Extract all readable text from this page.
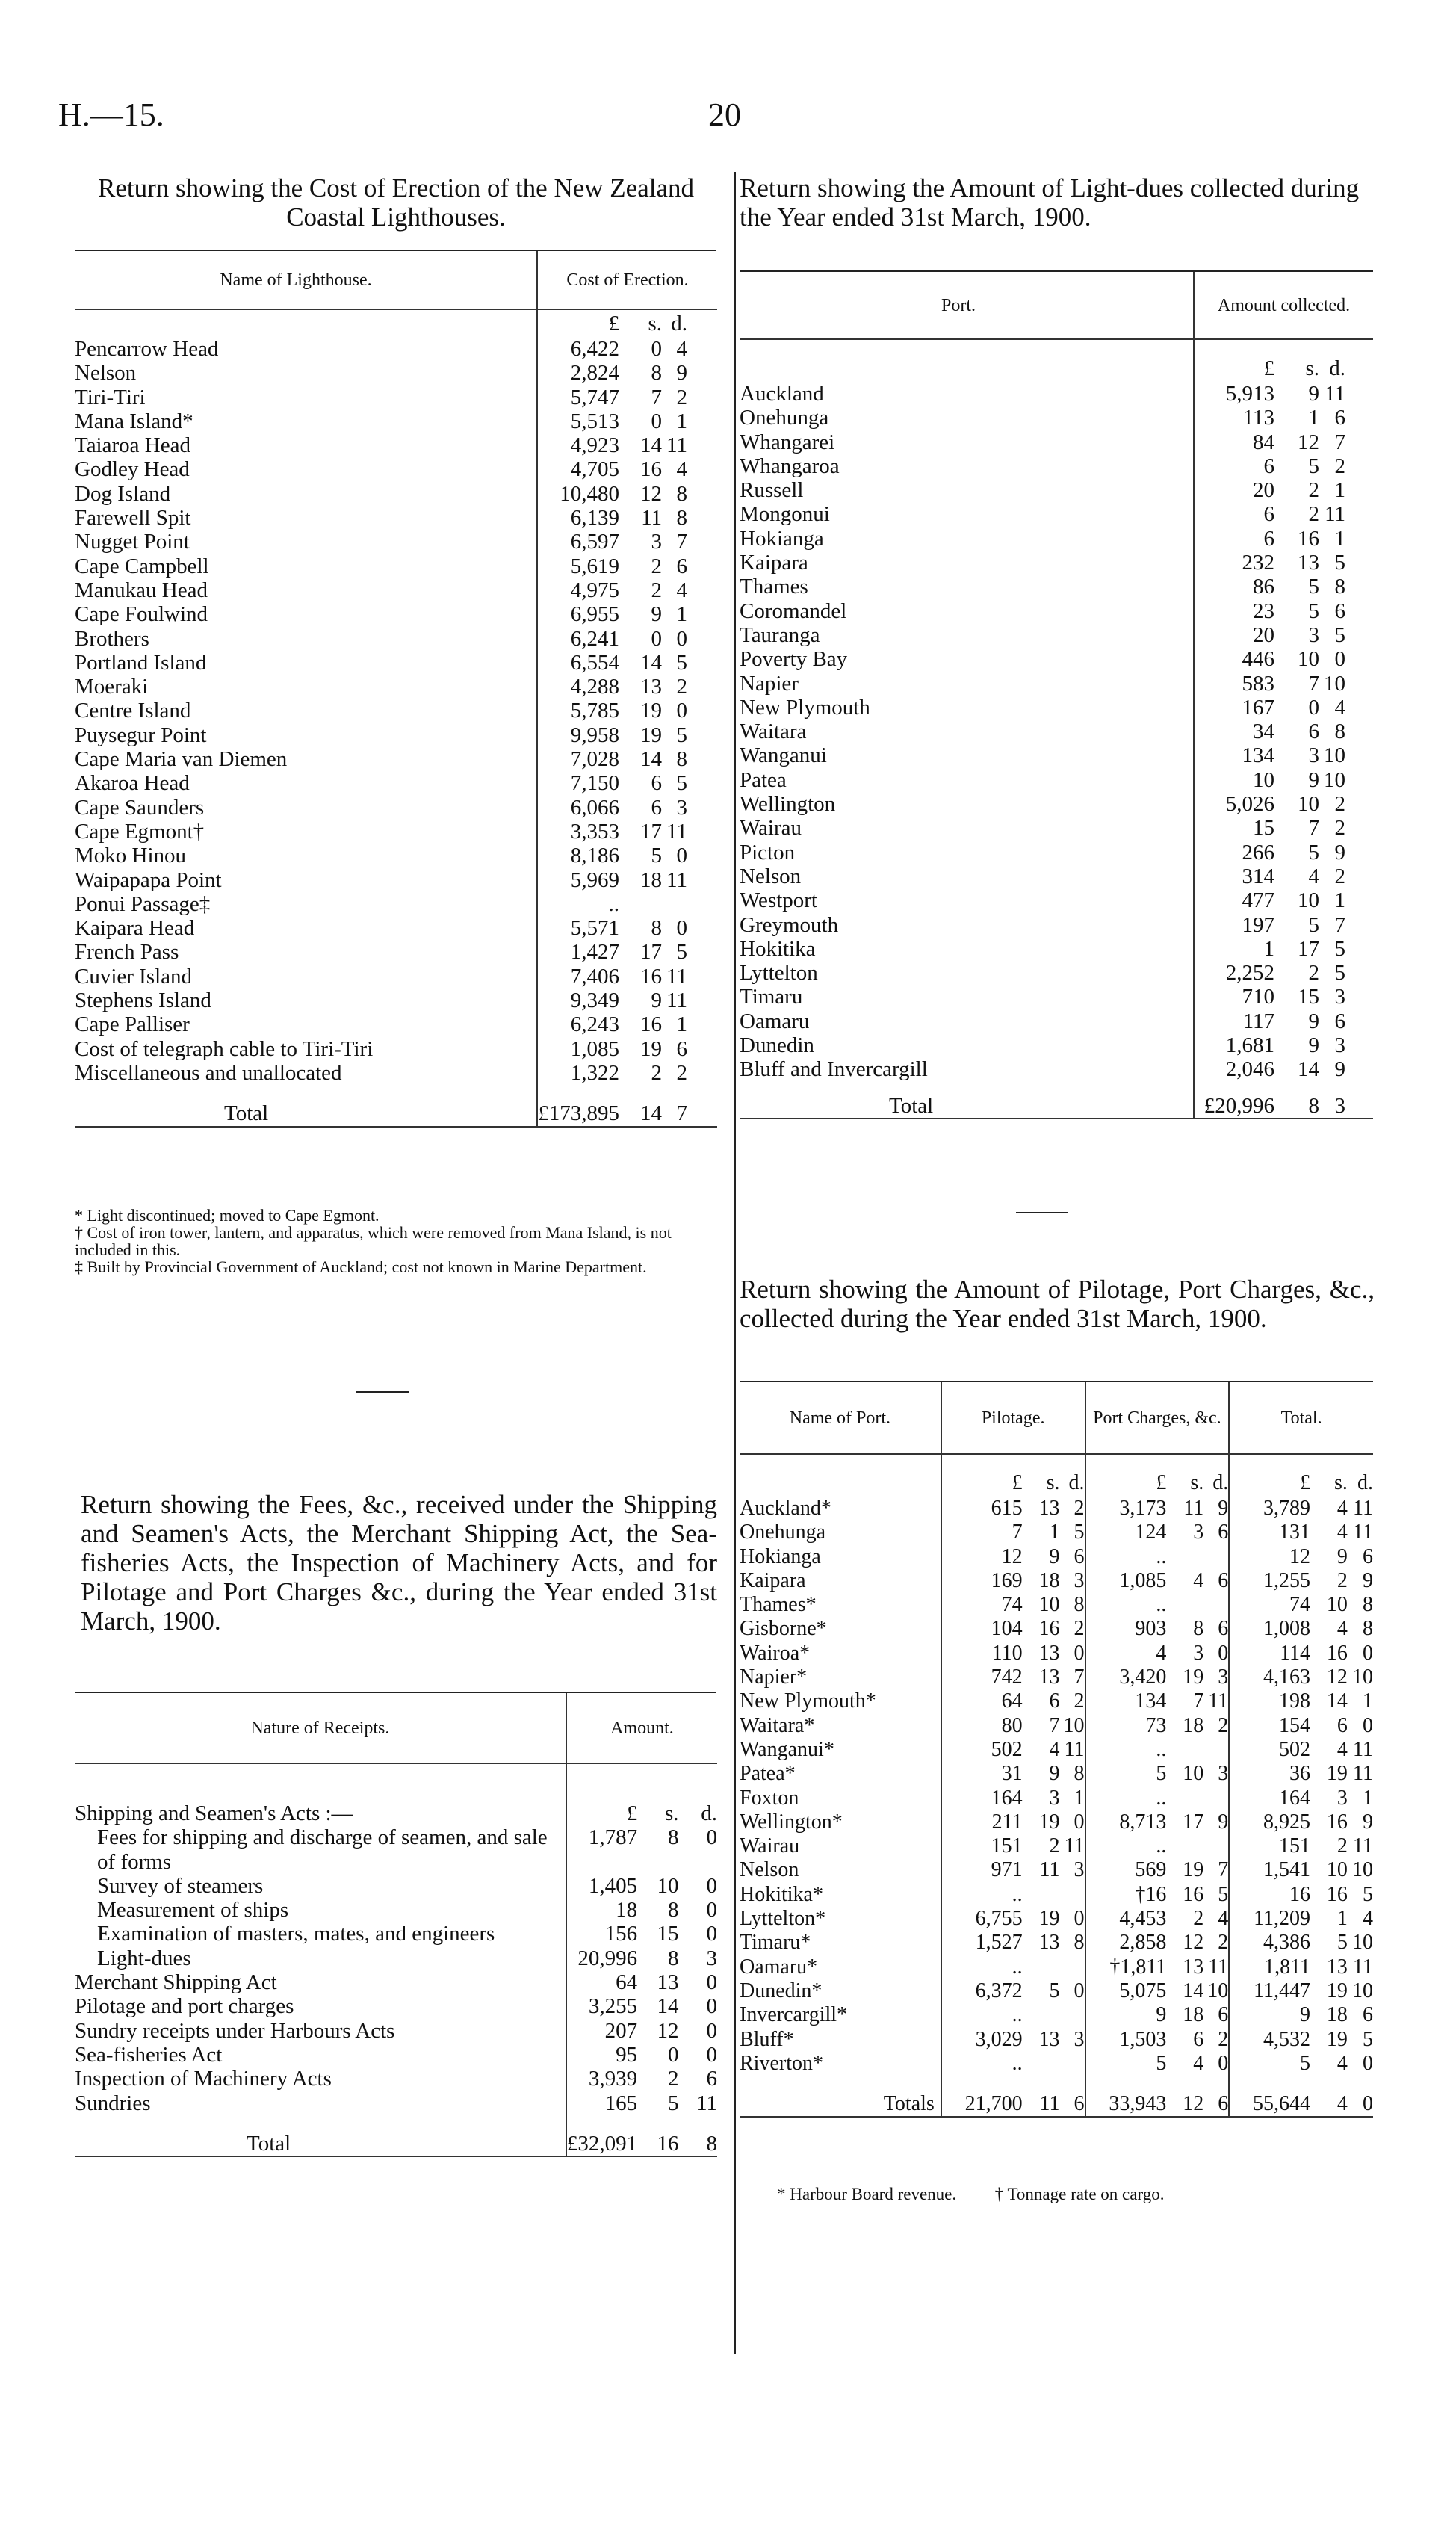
H.—15.	20
Return showing the Cost of Erection of the New Zealand Coastal Lighthouses.
Name of Lighthouse.		Cost of Erection.			

		£	s.	d.	
Pencarrow Head		6,422	0	4	
Nelson		2,824	8	9	
Tiri-Tiri		5,747	7	2	
Mana Island*		5,513	0	1	
Taiaroa Head		4,923	14	11	
Godley Head		4,705	16	4	
Dog Island		10,480	12	8	
Farewell Spit		6,139	11	8	
Nugget Point		6,597	3	7	
Cape Campbell		5,619	2	6	
Manukau Head		4,975	2	4	
Cape Foulwind		6,955	9	1	
Brothers		6,241	0	0	
Portland Island		6,554	14	5	
Moeraki		4,288	13	2	
Centre Island		5,785	19	0	
Puysegur Point		9,958	19	5	
Cape Maria van Diemen		7,028	14	8	
Akaroa Head		7,150	6	5	
Cape Saunders		6,066	6	3	
Cape Egmont†		3,353	17	11	
Moko Hinou		8,186	5	0	
Waipapapa Point		5,969	18	11	
Ponui Passage‡		..			
Kaipara Head		5,571	8	0	
French Pass		1,427	17	5	
Cuvier Island		7,406	16	11	
Stephens Island		9,349	9	11	
Cape Palliser		6,243	16	1	
Cost of telegraph cable to Tiri-Tiri		1,085	19	6	
Miscellaneous and unallocated		1,322	2	2	
Total		£173,895	14	7	

* Light discontinued; moved to Cape Egmont.
† Cost of iron tower, lantern, and apparatus, which were removed from Mana Island, is not included in this.
‡ Built by Provincial Government of Auckland; cost not known in Marine Department.
Return showing the Fees, &c., received under the Shipping and Seamen's Acts, the Merchant Shipping Act, the Sea-fisheries Acts, the Inspection of Machinery Acts, and for Pilotage and Port Charges &c., during the Year ended 31st March, 1900.
Nature of Receipts.	Amount.		

Shipping and Seamen's Acts :—	£	s.	d.
Fees for shipping and discharge of seamen, and sale of forms	1,787	8	0
Survey of steamers	1,405	10	0
Measurement of ships	18	8	0
Examination of masters, mates, and engineers	156	15	0
Light-dues	20,996	8	3
Merchant Shipping Act	64	13	0
Pilotage and port charges	3,255	14	0
Sundry receipts under Harbours Acts	207	12	0
Sea-fisheries Act	95	0	0
Inspection of Machinery Acts	3,939	2	6
Sundries	165	5	11
Total	£32,091	16	8

Return showing the Amount of Light-dues collected during the Year ended 31st March, 1900.
Port.		Amount collected.			

		£	s.	d.	
Auckland		5,913	9	11	
Onehunga		113	1	6	
Whangarei		84	12	7	
Whangaroa		6	5	2	
Russell		20	2	1	
Mongonui		6	2	11	
Hokianga		6	16	1	
Kaipara		232	13	5	
Thames		86	5	8	
Coromandel		23	5	6	
Tauranga		20	3	5	
Poverty Bay		446	10	0	
Napier		583	7	10	
New Plymouth		167	0	4	
Waitara		34	6	8	
Wanganui		134	3	10	
Patea		10	9	10	
Wellington		5,026	10	2	
Wairau		15	7	2	
Picton		266	5	9	
Nelson		314	4	2	
Westport		477	10	1	
Greymouth		197	5	7	
Hokitika		1	17	5	
Lyttelton		2,252	2	5	
Timaru		710	15	3	
Oamaru		117	9	6	
Dunedin		1,681	9	3	
Bluff and Invercargill		2,046	14	9	
Total		£20,996	8	3	

Return showing the Amount of Pilotage, Port Charges, &c., collected during the Year ended 31st March, 1900.
Name of Port.	Pilotage.			Port Charges, &c.			Total.		

	£	s.	d.	£	s.	d.	£	s.	d.
Auckland*	615	13	2	3,173	11	9	3,789	4	11
Onehunga	7	1	5	124	3	6	131	4	11
Hokianga	12	9	6	..			12	9	6
Kaipara	169	18	3	1,085	4	6	1,255	2	9
Thames*	74	10	8	..			74	10	8
Gisborne*	104	16	2	903	8	6	1,008	4	8
Wairoa*	110	13	0	4	3	0	114	16	0
Napier*	742	13	7	3,420	19	3	4,163	12	10
New Plymouth*	64	6	2	134	7	11	198	14	1
Waitara*	80	7	10	73	18	2	154	6	0
Wanganui*	502	4	11	..			502	4	11
Patea*	31	9	8	5	10	3	36	19	11
Foxton	164	3	1	..			164	3	1
Wellington*	211	19	0	8,713	17	9	8,925	16	9
Wairau	151	2	11	..			151	2	11
Nelson	971	11	3	569	19	7	1,541	10	10
Hokitika*	..			†16	16	5	16	16	5
Lyttelton*	6,755	19	0	4,453	2	4	11,209	1	4
Timaru*	1,527	13	8	2,858	12	2	4,386	5	10
Oamaru*	..			†1,811	13	11	1,811	13	11
Dunedin*	6,372	5	0	5,075	14	10	11,447	19	10
Invercargill*	..			9	18	6	9	18	6
Bluff*	3,029	13	3	1,503	6	2	4,532	19	5
Riverton*	..			5	4	0	5	4	0
Totals	21,700	11	6	33,943	12	6	55,644	4	0

* Harbour Board revenue. † Tonnage rate on cargo.
